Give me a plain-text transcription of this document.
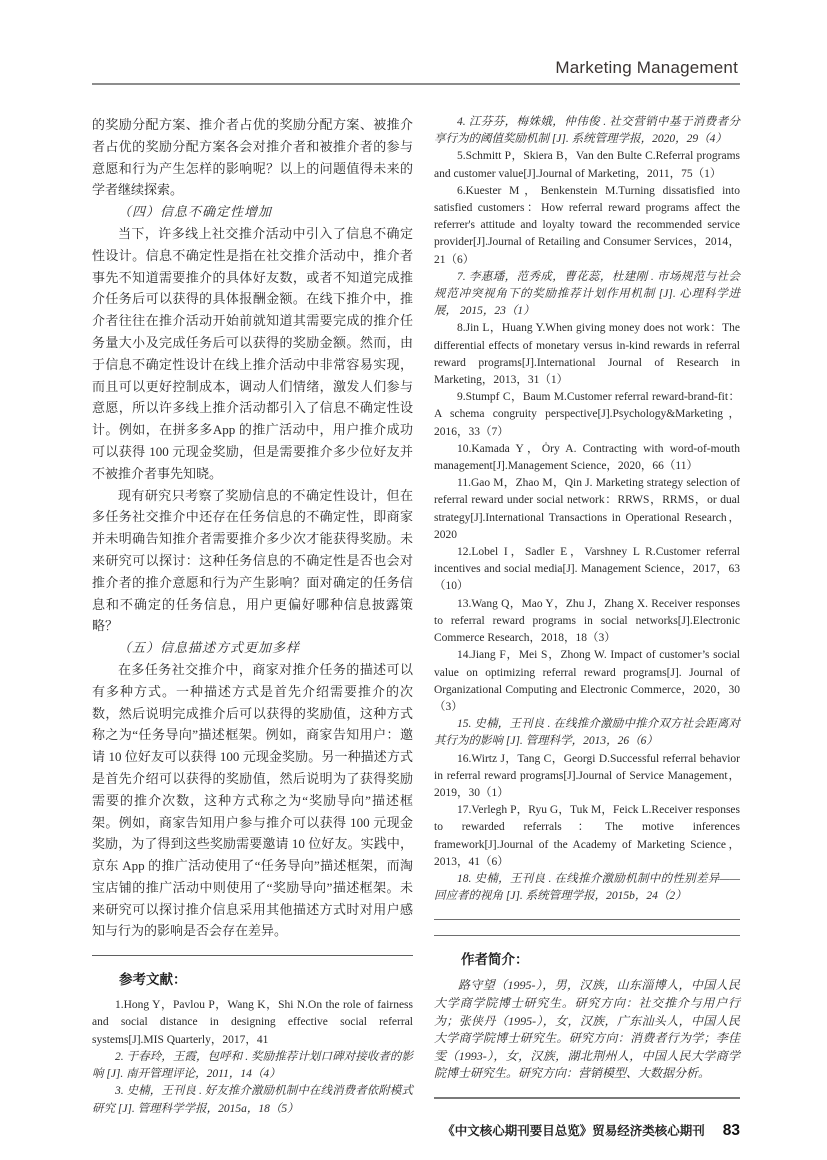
Marketing Management

的奖励分配方案、推介者占优的奖励分配方案、被推介者占优的奖励分配方案各会对推介者和被推介者的参与意愿和行为产生怎样的影响呢？以上的问题值得未来的学者继续探索。

（四）信息不确定性增加

当下，许多线上社交推介活动中引入了信息不确定性设计。信息不确定性是指在社交推介活动中，推介者事先不知道需要推介的具体好友数，或者不知道完成推介任务后可以获得的具体报酬金额。在线下推介中，推介者往往在推介活动开始前就知道其需要完成的推介任务量大小及完成任务后可以获得的奖励金额。然而，由于信息不确定性设计在线上推介活动中非常容易实现，而且可以更好控制成本，调动人们情绪，激发人们参与意愿，所以许多线上推介活动都引入了信息不确定性设计。例如，在拼多多App 的推广活动中，用户推介成功可以获得 100 元现金奖励，但是需要推介多少位好友并不被推介者事先知晓。

现有研究只考察了奖励信息的不确定性设计，但在多任务社交推介中还存在任务信息的不确定性，即商家并未明确告知推介者需要推介多少次才能获得奖励。未来研究可以探讨：这种任务信息的不确定性是否也会对推介者的推介意愿和行为产生影响？面对确定的任务信息和不确定的任务信息，用户更偏好哪种信息披露策略？

（五）信息描述方式更加多样

在多任务社交推介中，商家对推介任务的描述可以有多种方式。一种描述方式是首先介绍需要推介的次数，然后说明完成推介后可以获得的奖励值，这种方式称之为“任务导向”描述框架。例如，商家告知用户：邀请 10 位好友可以获得 100 元现金奖励。另一种描述方式是首先介绍可以获得的奖励值，然后说明为了获得奖励需要的推介次数，这种方式称之为“奖励导向”描述框架。例如，商家告知用户参与推介可以获得 100 元现金奖励，为了得到这些奖励需要邀请 10 位好友。实践中，京东 App 的推广活动使用了“任务导向”描述框架，而淘宝店铺的推广活动中则使用了“奖励导向”描述框架。未来研究可以探讨推介信息采用其他描述方式时对用户感知与行为的影响是否会存在差异。

参考文献：

1.Hong Y，Pavlou P，Wang K，Shi N.On the role of fairness and social distance in designing effective social referral systems[J].MIS Quarterly，2017，41

2. 于春玲，王霞，包呼和 . 奖励推荐计划口碑对接收者的影响 [J]. 南开管理评论，2011，14（4）

3. 史楠，王刊良 . 好友推介激励机制中在线消费者依附模式研究 [J]. 管理科学学报，2015a，18（5）

4. 江芬芬，梅姝娥，仲伟俊 . 社交营销中基于消费者分享行为的阈值奖励机制 [J]. 系统管理学报，2020，29（4）

5.Schmitt P，Skiera B，Van den Bulte C.Referral programs and customer value[J].Journal of Marketing，2011，75（1）

6.Kuester M，Benkenstein M.Turning dissatisfied into satisfied customers：How referral reward programs affect the referrer's attitude and loyalty toward the recommended service provider[J].Journal of Retailing and Consumer Services，2014，21（6）

7. 李惠璠，范秀成，曹花蕊，杜建刚 . 市场规范与社会规范冲突视角下的奖励推荐计划作用机制 [J]. 心理科学进展， 2015，23（1）

8.Jin L，Huang Y.When giving money does not work：The differential effects of monetary versus in-kind rewards in referral reward programs[J].International Journal of Research in Marketing，2013，31（1）

9.Stumpf C，Baum M.Customer referral reward-brand-fit：A schema congruity perspective[J].Psychology&Marketing，2016，33（7）

10.Kamada Y，Ȯry A. Contracting with word-of-mouth management[J].Management Science，2020，66（11）

11.Gao M，Zhao M，Qin J. Marketing strategy selection of referral reward under social network：RRWS，RRMS，or dual strategy[J].International Transactions in Operational Research，2020

12.Lobel I，Sadler E，Varshney L R.Customer referral incentives and social media[J]. Management Science，2017，63（10）

13.Wang Q，Mao Y，Zhu J，Zhang X. Receiver responses to referral reward programs in social networks[J].Electronic Commerce Research，2018，18（3）

14.Jiang F，Mei S，Zhong W. Impact of customer’s social value on optimizing referral reward programs[J]. Journal of Organizational Computing and Electronic Commerce，2020，30（3）

15. 史楠，王刊良 . 在线推介激励中推介双方社会距离对其行为的影响 [J]. 管理科学，2013，26（6）

16.Wirtz J，Tang C，Georgi D.Successful referral behavior in referral reward programs[J].Journal of Service Management，2019，30（1）

17.Verlegh P，Ryu G，Tuk M，Feick L.Receiver responses to rewarded referrals：The motive inferences framework[J].Journal of the Academy of Marketing Science，2013，41（6）

18. 史楠，王刊良 . 在线推介激励机制中的性别差异——回应者的视角 [J]. 系统管理学报，2015b，24（2）

作者简介：

路守望（1995-），男，汉族，山东淄博人，中国人民大学商学院博士研究生。研究方向：社交推介与用户行为；张侠丹（1995-），女，汉族，广东汕头人，中国人民大学商学院博士研究生。研究方向：消费者行为学；李佳雯（1993-），女，汉族，湖北荆州人，中国人民大学商学院博士研究生。研究方向：营销模型、大数据分析。

《中文核心期刊要目总览》贸易经济类核心期刊 83
